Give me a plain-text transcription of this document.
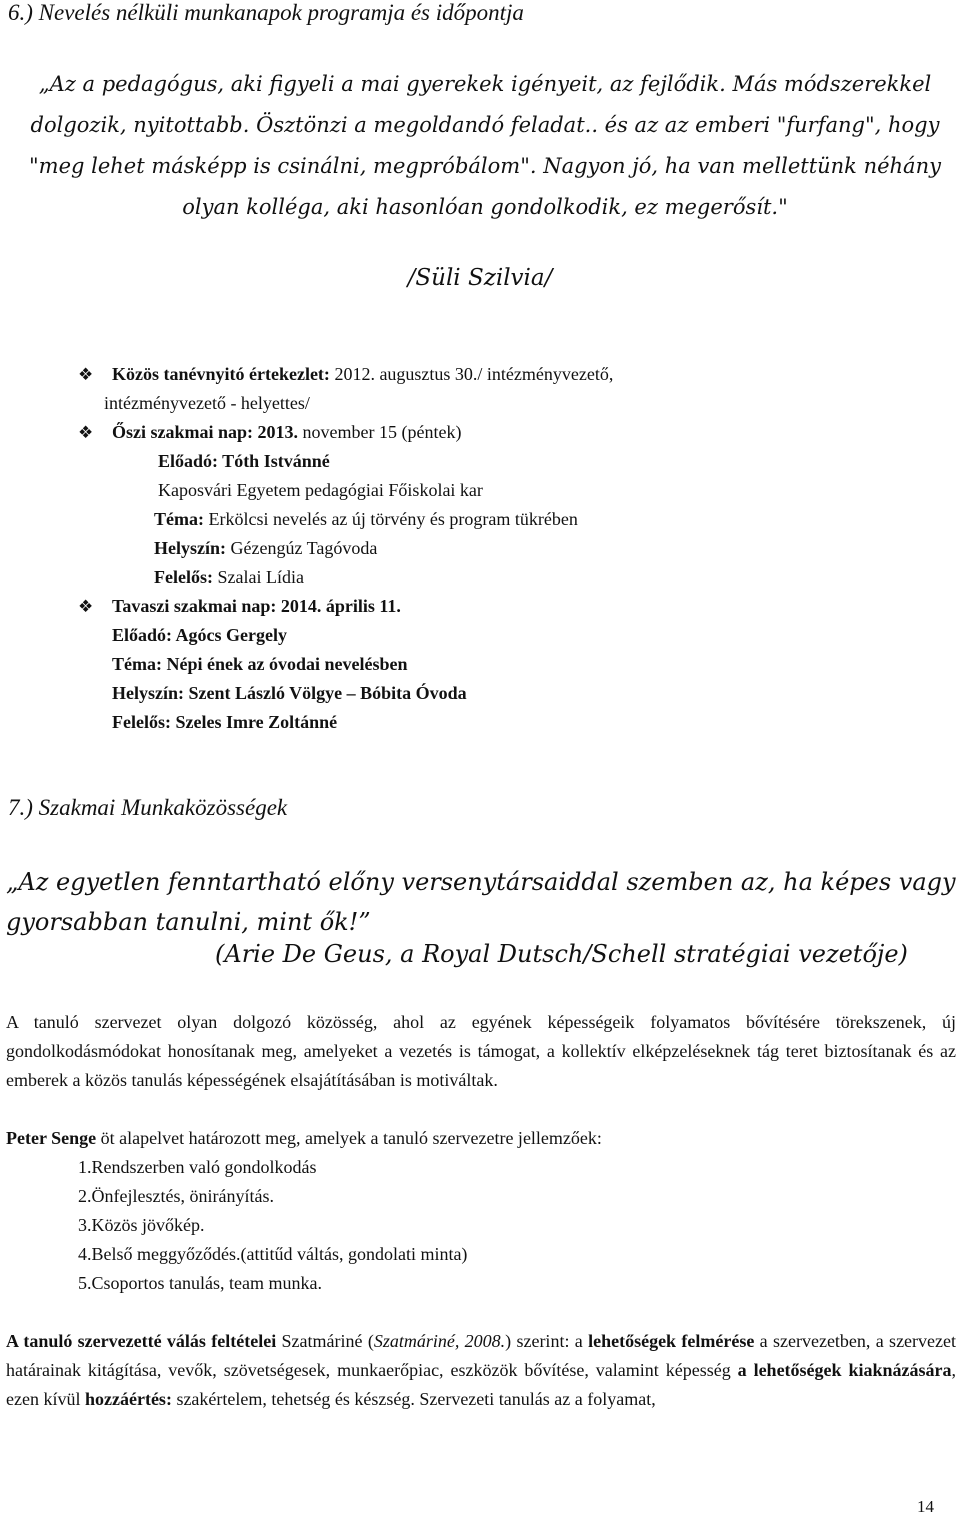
6.) Nevelés nélküli munkanapok programja és időpontja
„Az a pedagógus, aki figyeli a mai gyerekek igényeit, az fejlődik. Más módszerekkel dolgozik, nyitottabb. Ösztönzi a megoldandó feladat.. és az az emberi "furfang", hogy "meg lehet másképp is csinálni, megpróbálom". Nagyon jó, ha van mellettünk néhány olyan kolléga, aki hasonlóan gondolkodik, ez megerősít."
/Süli Szilvia/
❖ Közös tanévnyitó értekezlet: 2012. augusztus 30./ intézményvezető,
intézményvezető - helyettes/
❖ Őszi szakmai nap: 2013. november 15 (péntek)
Előadó: Tóth Istvánné
Kaposvári Egyetem pedagógiai Főiskolai kar
Téma: Erkölcsi nevelés az új törvény és program tükrében
Helyszín: Gézengúz Tagóvoda
Felelős: Szalai Lídia
❖ Tavaszi szakmai nap: 2014. április 11.
Előadó: Agócs Gergely
Téma: Népi ének az óvodai nevelésben
Helyszín: Szent László Völgye – Bóbita Óvoda
Felelős: Szeles Imre Zoltánné
7.) Szakmai Munkaközösségek
„Az egyetlen fenntartható előny versenytársaiddal szemben az, ha képes vagy gyorsabban tanulni, mint ők!”
(Arie De Geus, a Royal Dutsch/Schell stratégiai vezetője)
A tanuló szervezet olyan dolgozó közösség, ahol az egyének képességeik folyamatos bővítésére törekszenek, új gondolkodásmódokat honosítanak meg, amelyeket a vezetés is támogat, a kollektív elképzeléseknek tág teret biztosítanak és az emberek a közös tanulás képességének elsajátításában is motiváltak.
Peter Senge öt alapelvet határozott meg, amelyek a tanuló szervezetre jellemzőek:
1.Rendszerben való gondolkodás
2.Önfejlesztés, önirányítás.
3.Közös jövőkép.
4.Belső meggyőződés.(attitűd váltás, gondolati minta)
5.Csoportos tanulás, team munka.
A tanuló szervezetté válás feltételei Szatmáriné (Szatmáriné, 2008.) szerint: a lehetőségek felmérése a szervezetben, a szervezet határainak kitágítása, vevők, szövetségesek, munkaerőpiac, eszközök bővítése, valamint képesség a lehetőségek kiaknázására, ezen kívül hozzáértés: szakértelem, tehetség és készség. Szervezeti tanulás az a folyamat,
14
